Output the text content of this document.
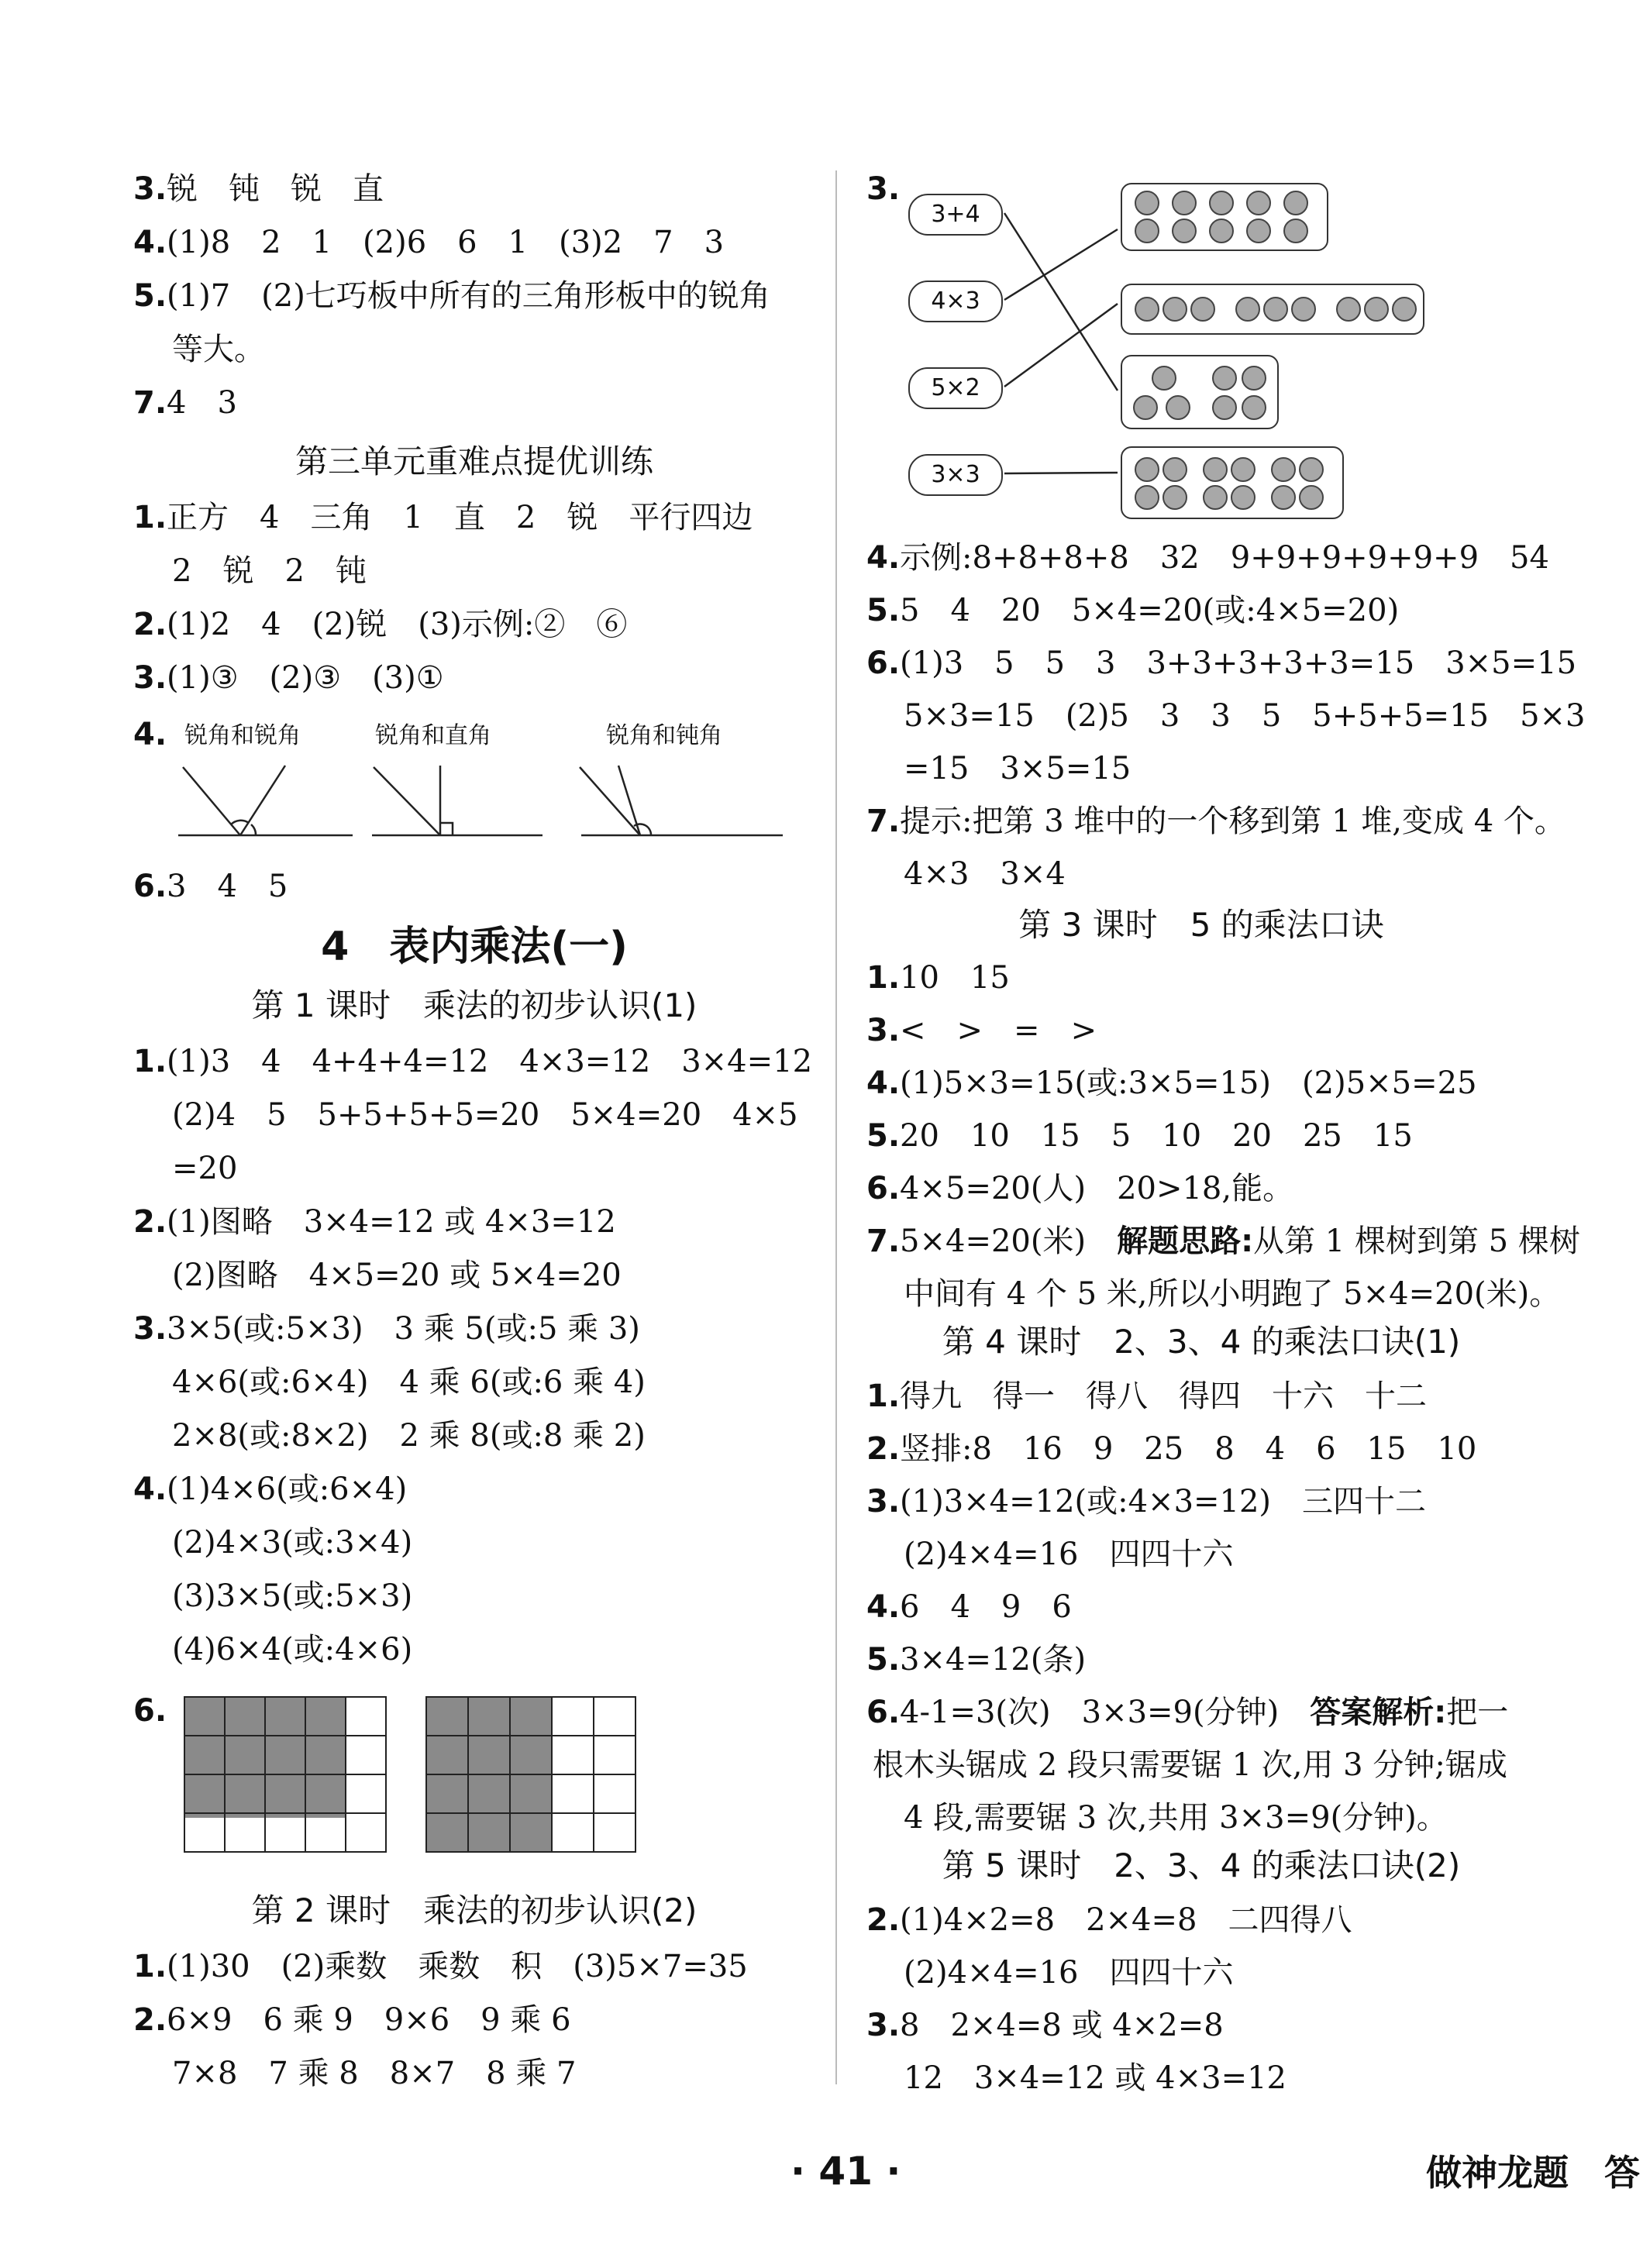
3.锐　钝　锐　直
4.(1)8　2　1　(2)6　6　1　(3)2　7　3
5.(1)7　(2)七巧板中所有的三角形板中的锐角
等大。
7.4　3
第三单元重难点提优训练
1.正方　4　三角　1　直　2　锐　平行四边
2　锐　2　钝
2.(1)2　4　(2)锐　(3)示例:②　⑥
3.(1)③　(2)③　(3)①
4. 锐角和锐角	锐角和直角	锐角和钝角
6.3　4　5
4　表内乘法(一)
第 1 课时　乘法的初步认识(1)
1.(1)3　4　4+4+4=12　4×3=12　3×4=12
(2)4　5　5+5+5+5=20　5×4=20　4×5
=20
2.(1)图略　3×4=12 或 4×3=12
(2)图略　4×5=20 或 5×4=20
3.3×5(或:5×3)　3 乘 5(或:5 乘 3)
4×6(或:6×4)　4 乘 6(或:6 乘 4)
2×8(或:8×2)　2 乘 8(或:8 乘 2)
4.(1)4×6(或:6×4)
(2)4×3(或:3×4)
(3)3×5(或:5×3)
(4)6×4(或:4×6)
6.
第 2 课时　乘法的初步认识(2)
1.(1)30　(2)乘数　乘数　积　(3)5×7=35
2.6×9　6 乘 9　9×6　9 乘 6
7×8　7 乘 8　8×7　8 乘 7
3.
3+4
4×3
5×2
3×3
4.示例:8+8+8+8　32　9+9+9+9+9+9　54
5.5　4　20　5×4=20(或:4×5=20)
6.(1)3　5　5　3　3+3+3+3+3=15　3×5=15
5×3=15　(2)5　3　3　5　5+5+5=15　5×3
=15　3×5=15
7.提示:把第 3 堆中的一个移到第 1 堆,变成 4 个。
4×3　3×4
第 3 课时　5 的乘法口诀
1.10　15
3.<　>　=　>
4.(1)5×3=15(或:3×5=15)　(2)5×5=25
5.20　10　15　5　10　20　25　15
6.4×5=20(人)　20>18,能。
7.5×4=20(米)　 解题思路:从第 1 棵树到第 5 棵树
中间有 4 个 5 米,所以小明跑了 5×4=20(米)。
第 4 课时　2、3、4 的乘法口诀(1)
1.得九　得一　得八　得四　十六　十二
2.竖排:8　16　9　25　8　4　6　15　10
3.(1)3×4=12(或:4×3=12)　三四十二
(2)4×4=16　四四十六
4.6　4　9　6
5.3×4=12(条)
6.4-1=3(次)　3×3=9(分钟)　 答案解析:把一
根木头锯成 2 段只需要锯 1 次,用 3 分钟;锯成
4 段,需要锯 3 次,共用 3×3=9(分钟)。
第 5 课时　2、3、4 的乘法口诀(2)
2.(1)4×2=8　2×4=8　二四得八
(2)4×4=16　四四十六
3.8　2×4=8 或 4×2=8
12　3×4=12 或 4×3=12
· 41 ·	做神龙题　答
